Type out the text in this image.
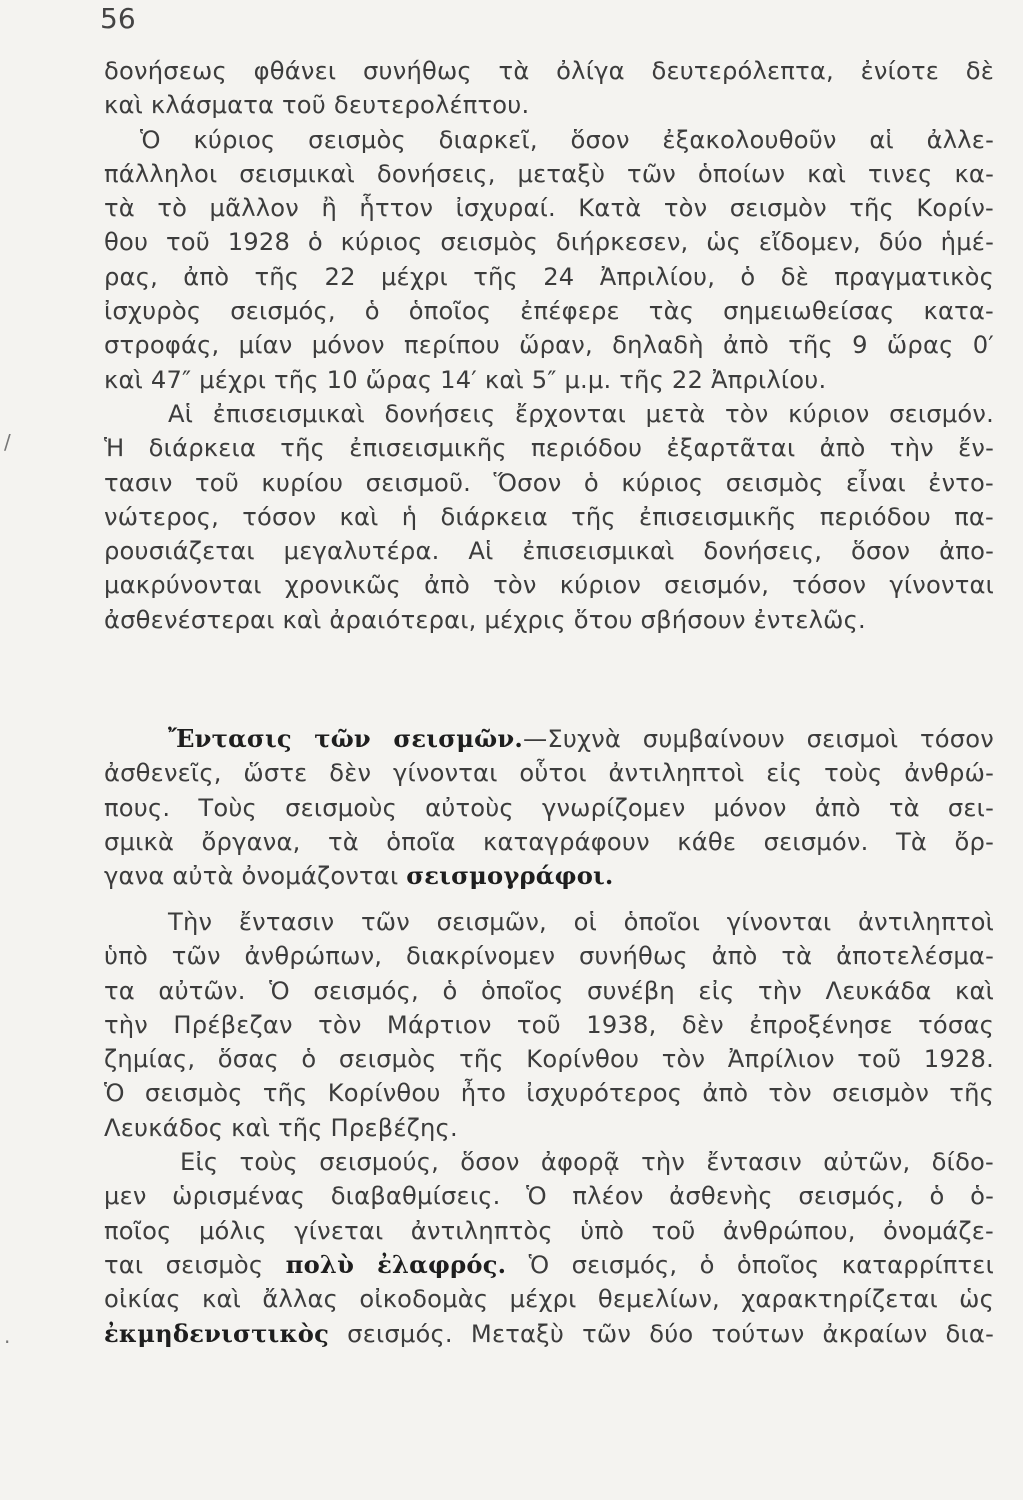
56
/
·
δονήσεως φθάνει συνήθως τὰ ὀλίγα δευτερόλεπτα, ἐνίοτε δὲ
καὶ κλάσματα τοῦ δευτερολέπτου.
Ὁ κύριος σεισμὸς διαρκεῖ, ὅσον ἐξακολουθοῦν αἱ ἀλλε-
πάλληλοι σεισμικαὶ δονήσεις, μεταξὺ τῶν ὁποίων καὶ τινες κα-
τὰ τὸ μᾶλλον ἢ ἧττον ἰσχυραί. Κατὰ τὸν σεισμὸν τῆς Κορίν-
θου τοῦ 1928 ὁ κύριος σεισμὸς διήρκεσεν, ὡς εἴδομεν, δύο ἡμέ-
ρας, ἀπὸ τῆς 22 μέχρι τῆς 24 Ἀπριλίου, ὁ δὲ πραγματικὸς
ἰσχυρὸς σεισμός, ὁ ὁποῖος ἐπέφερε τὰς σημειωθείσας κατα-
στροφάς, μίαν μόνον περίπου ὥραν, δηλαδὴ ἀπὸ τῆς 9 ὥρας 0′
καὶ 47″ μέχρι τῆς 10 ὥρας 14′ καὶ 5″ μ.μ. τῆς 22 Ἀπριλίου.
Αἱ ἐπισεισμικαὶ δονήσεις ἔρχονται μετὰ τὸν κύριον σεισμόν.
Ἡ διάρκεια τῆς ἐπισεισμικῆς περιόδου ἐξαρτᾶται ἀπὸ τὴν ἔν-
τασιν τοῦ κυρίου σεισμοῦ. Ὅσον ὁ κύριος σεισμὸς εἶναι ἐντο-
νώτερος, τόσον καὶ ἡ διάρκεια τῆς ἐπισεισμικῆς περιόδου πα-
ρουσιάζεται μεγαλυτέρα. Αἱ ἐπισεισμικαὶ δονήσεις, ὅσον ἀπο-
μακρύνονται χρονικῶς ἀπὸ τὸν κύριον σεισμόν, τόσον γίνονται
ἀσθενέστεραι καὶ ἀραιότεραι, μέχρις ὅτου σβήσουν ἐντελῶς.
Ἔντασις τῶν σεισμῶν.—Συχνὰ συμβαίνουν σεισμοὶ τόσον
ἀσθενεῖς, ὥστε δὲν γίνονται οὗτοι ἀντιληπτοὶ εἰς τοὺς ἀνθρώ-
πους. Τοὺς σεισμοὺς αὐτοὺς γνωρίζομεν μόνον ἀπὸ τὰ σει-
σμικὰ ὄργανα, τὰ ὁποῖα καταγράφουν κάθε σεισμόν. Τὰ ὄρ-
γανα αὐτὰ ὀνομάζονται σεισμογράφοι.
Τὴν ἔντασιν τῶν σεισμῶν, οἱ ὁποῖοι γίνονται ἀντιληπτοὶ
ὑπὸ τῶν ἀνθρώπων, διακρίνομεν συνήθως ἀπὸ τὰ ἀποτελέσμα-
τα αὐτῶν. Ὁ σεισμός, ὁ ὁποῖος συνέβη εἰς τὴν Λευκάδα καὶ
τὴν Πρέβεζαν τὸν Μάρτιον τοῦ 1938, δὲν ἐπροξένησε τόσας
ζημίας, ὅσας ὁ σεισμὸς τῆς Κορίνθου τὸν Ἀπρίλιον τοῦ 1928.
Ὁ σεισμὸς τῆς Κορίνθου ἦτο ἰσχυρότερος ἀπὸ τὸν σεισμὸν τῆς
Λευκάδος καὶ τῆς Πρεβέζης.
Εἰς τοὺς σεισμούς, ὅσον ἀφορᾷ τὴν ἔντασιν αὐτῶν, δίδο-
μεν ὡρισμένας διαβαθμίσεις. Ὁ πλέον ἀσθενὴς σεισμός, ὁ ὁ-
ποῖος μόλις γίνεται ἀντιληπτὸς ὑπὸ τοῦ ἀνθρώπου, ὀνομάζε-
ται σεισμὸς πολὺ ἐλαφρός. Ὁ σεισμός, ὁ ὁποῖος καταρρίπτει
οἰκίας καὶ ἄλλας οἰκοδομὰς μέχρι θεμελίων, χαρακτηρίζεται ὡς
ἐκμηδενιστικὸς σεισμός. Μεταξὺ τῶν δύο τούτων ἀκραίων δια-
